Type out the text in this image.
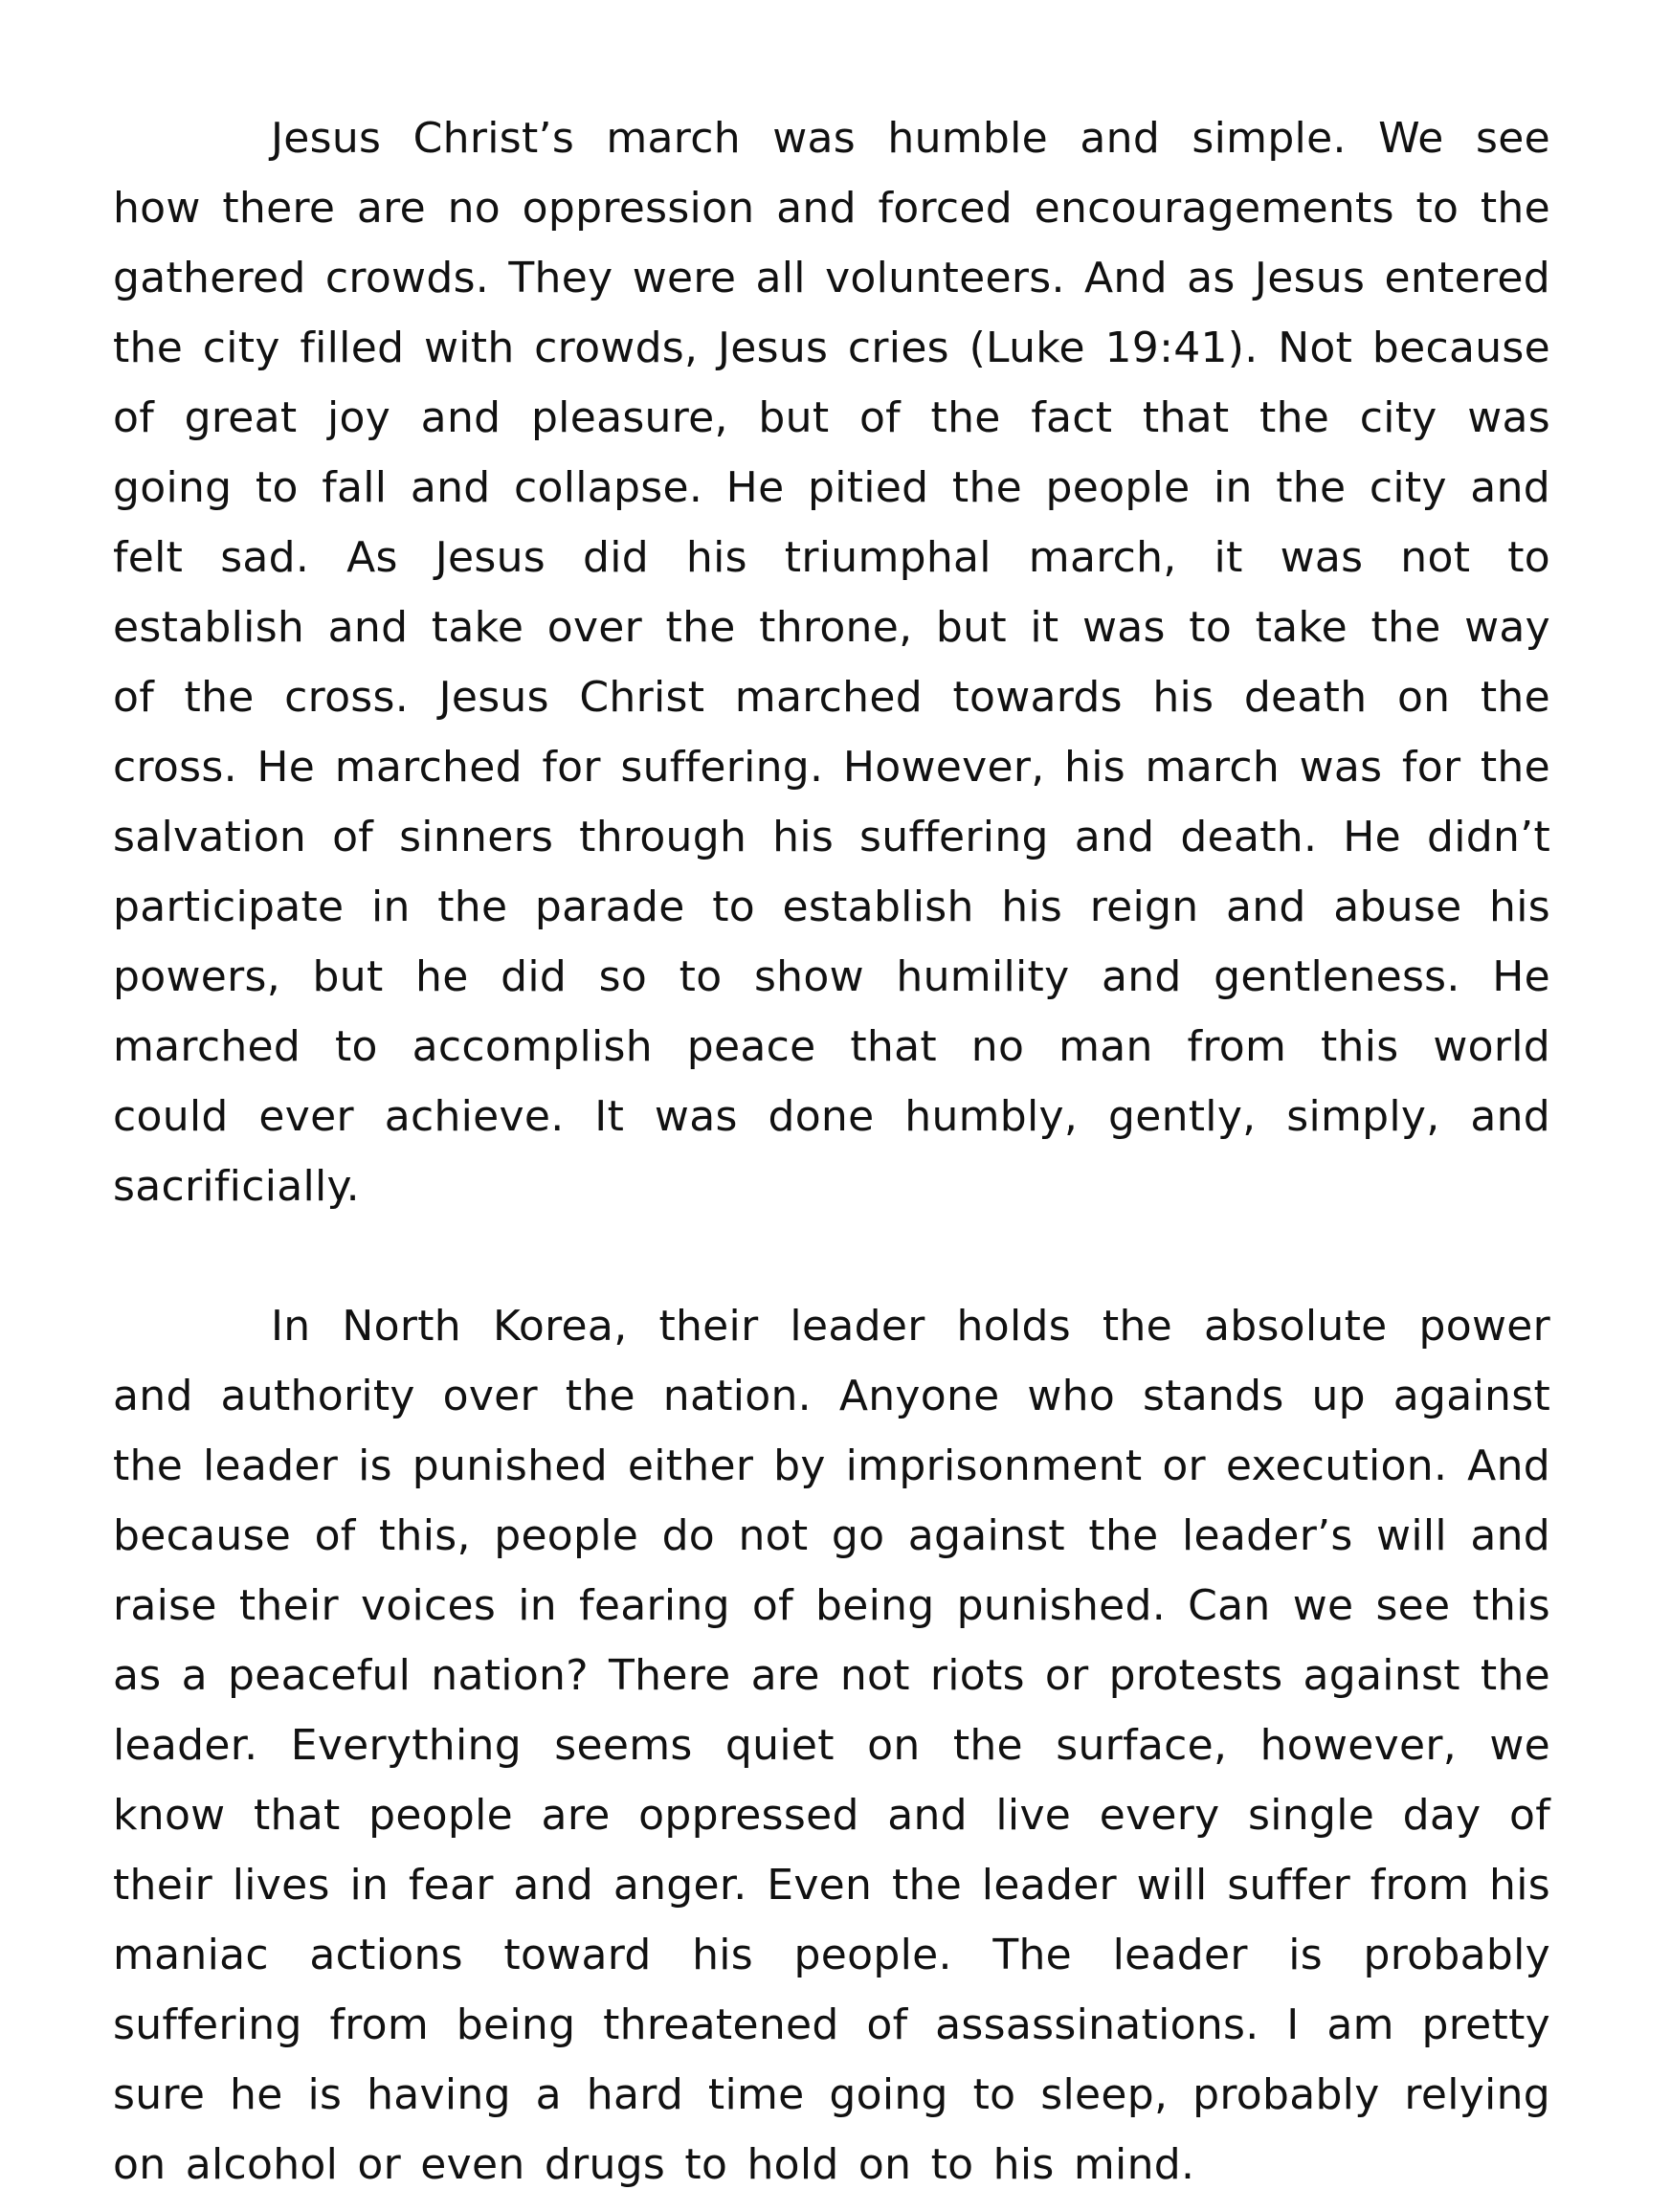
Jesus Christ’s march was humble and simple. We see how there are no oppression and forced encouragements to the gathered crowds. They were all volunteers. And as Jesus entered the city filled with crowds, Jesus cries (Luke 19:41). Not because of great joy and pleasure, but of the fact that the city was going to fall and collapse. He pitied the people in the city and felt sad. As Jesus did his triumphal march, it was not to establish and take over the throne, but it was to take the way of the cross. Jesus Christ marched towards his death on the cross. He marched for suffering. However, his march was for the salvation of sinners through his suffering and death. He didn’t participate in the parade to establish his reign and abuse his powers, but he did so to show humility and gentleness. He marched to accomplish peace that no man from this world could ever achieve. It was done humbly, gently, simply, and sacrificially.

In North Korea, their leader holds the absolute power and authority over the nation. Anyone who stands up against the leader is punished either by imprisonment or execution. And because of this, people do not go against the leader’s will and raise their voices in fearing of being punished. Can we see this as a peaceful nation? There are not riots or protests against the leader. Everything seems quiet on the surface, however, we know that people are oppressed and live every single day of their lives in fear and anger. Even the leader will suffer from his maniac actions toward his people. The leader is probably suffering from being threatened of assassinations. I am pretty sure he is having a hard time going to sleep, probably relying on alcohol or even drugs to hold on to his mind.
